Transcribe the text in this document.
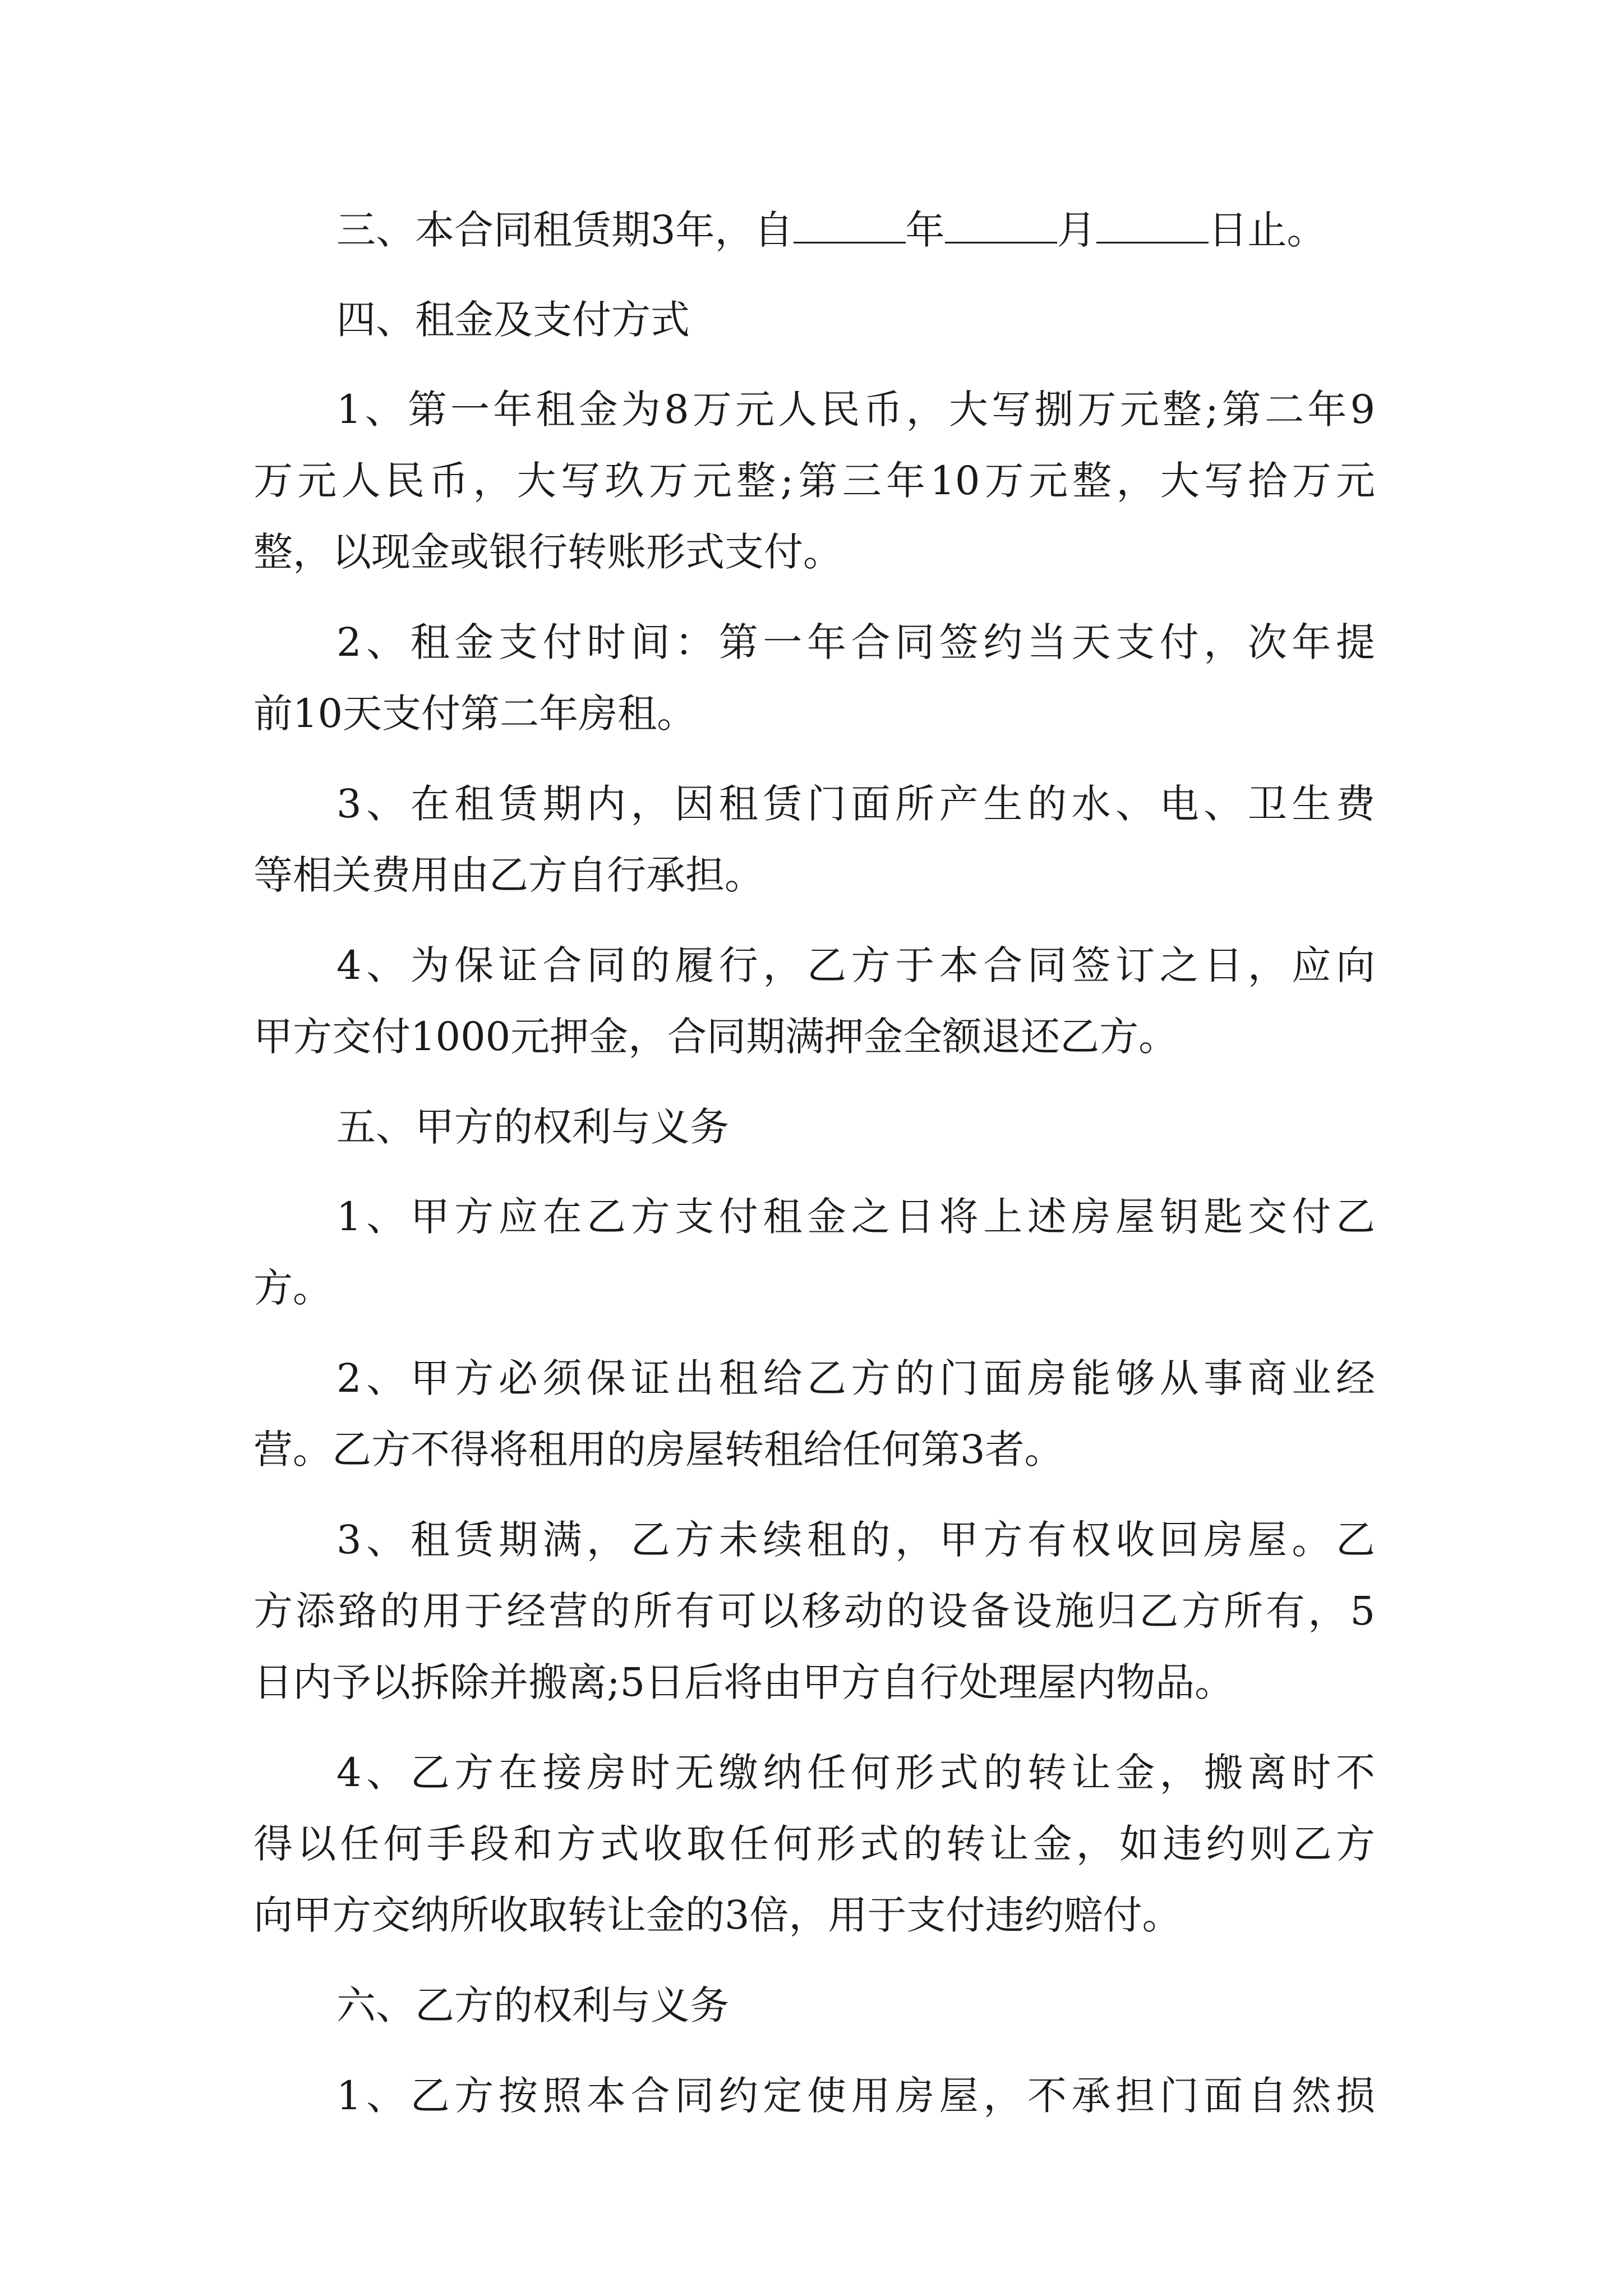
三、本合同租赁期3年，自	年	月	日止。
四、租金及支付方式
1、第一年租金为8万元人民币，大写捌万元整;第二年9
万元人民币，大写玖万元整;第三年10万元整，大写拾万元
整，以现金或银行转账形式支付。
2、租金支付时间：第一年合同签约当天支付，次年提
前10天支付第二年房租。
3、在租赁期内，因租赁门面所产生的水、电、卫生费
等相关费用由乙方自行承担。
4、为保证合同的履行，乙方于本合同签订之日，应向
甲方交付1000元押金，合同期满押金全额退还乙方。
五、甲方的权利与义务
1、甲方应在乙方支付租金之日将上述房屋钥匙交付乙
方。
2、甲方必须保证出租给乙方的门面房能够从事商业经
营。乙方不得将租用的房屋转租给任何第3者。
3、租赁期满，乙方未续租的，甲方有权收回房屋。乙
方添臵的用于经营的所有可以移动的设备设施归乙方所有，5
日内予以拆除并搬离;5日后将由甲方自行处理屋内物品。
4、乙方在接房时无缴纳任何形式的转让金，搬离时不
得以任何手段和方式收取任何形式的转让金，如违约则乙方
向甲方交纳所收取转让金的3倍，用于支付违约赔付。
六、乙方的权利与义务
1、乙方按照本合同约定使用房屋，不承担门面自然损
